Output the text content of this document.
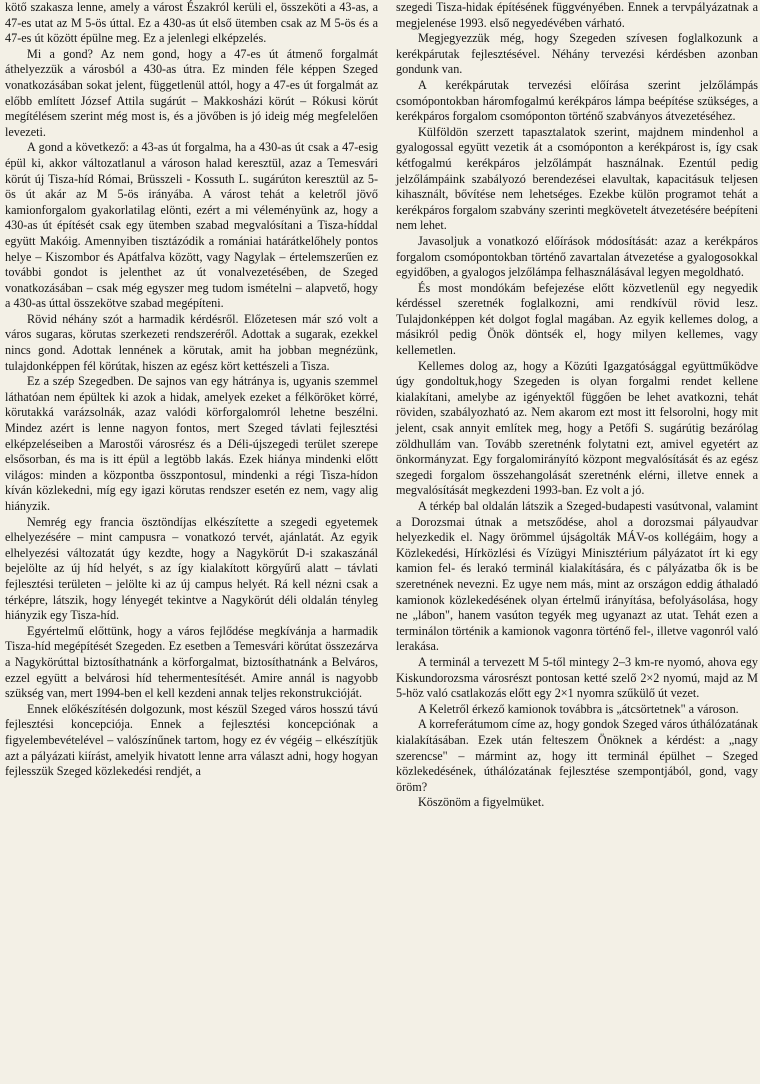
kötő szakasza lenne, amely a várost Északról kerüli el, összeköti a 43-as, a 47-es utat az M 5-ös úttal. Ez a 430-as út első ütemben csak az M 5-ös és a 47-es út között épülne meg. Ez a jelenlegi elképzelés.

Mi a gond? Az nem gond, hogy a 47-es út átmenő forgalmát áthelyezzük a városból a 430-as útra. Ez minden féle képpen Szeged vonatkozásában sokat jelent, függetlenül attól, hogy a 47-es út forgalmát az előbb említett József Attila sugárút – Makkosházi körút – Rókusi körút megítélésem szerint még most is, és a jövőben is jó ideig még megfelelően levezeti.

A gond a következő: a 43-as út forgalma, ha a 430-as út csak a 47-esig épül ki, akkor változatlanul a városon halad keresztül, azaz a Temesvári körút új Tisza-híd Római, Brüsszeli - Kossuth L. sugárúton keresztül az 5-ös út akár az M 5-ös irányába. A várost tehát a keletről jövő kamionforgalom gyakorlatilag elönti, ezért a mi véleményünk az, hogy a 430-as út építését csak egy ütemben szabad megvalósítani a Tisza-híddal együtt Makóig. Amennyiben tisztázódik a romániai határátkelőhely pontos helye – Kiszombor és Apátfalva között, vagy Nagylak – értelemszerűen ez további gondot is jelenthet az út vonalvezetésében, de Szeged vonatkozásában – csak még egyszer meg tudom ismételni – alapvető, hogy a 430-as úttal összekötve szabad megépíteni.

Rövid néhány szót a harmadik kérdésről. Előzetesen már szó volt a város sugaras, körutas szerkezeti rendszeréről. Adottak a sugarak, ezekkel nincs gond. Adottak lennének a körutak, amit ha jobban megnézünk, tulajdonképpen fél körútak, hiszen az egész kört kettészeli a Tisza.

Ez a szép Szegedben. De sajnos van egy hátránya is, ugyanis szemmel láthatóan nem épültek ki azok a hidak, amelyek ezeket a félköröket körré, körutakká varázsolnák, azaz valódi körforgalomról lehetne beszélni. Mindez azért is lenne nagyon fontos, mert Szeged távlati fejlesztési elképzeléseiben a Marostői városrész és a Déli-újszegedi terület szerepe elsősorban, és ma is itt épül a legtöbb lakás. Ezek hiánya mindenki előtt világos: minden a központba összpontosul, mindenki a régi Tisza-hídon kíván közlekedni, míg egy igazi körutas rendszer esetén ez nem, vagy alig hiányzik.

Nemrég egy francia ösztöndíjas elkészítette a szegedi egyetemek elhelyezésére – mint campusra – vonatkozó tervét, ajánlatát. Az egyik elhelyezési változatát úgy kezdte, hogy a Nagykörút D-i szakaszánál bejelölte az új híd helyét, s az így kialakított körgyűrű alatt – távlati fejlesztési területen – jelölte ki az új campus helyét. Rá kell nézni csak a térképre, látszik, hogy lényegét tekintve a Nagykörút déli oldalán tényleg hiányzik egy Tisza-híd.

Egyértelmű előttünk, hogy a város fejlődése megkívánja a harmadik Tisza-híd megépítését Szegeden. Ez esetben a Temesvári körútat összezárva a Nagykörúttal biztosíthatnánk a körforgalmat, biztosíthatnánk a Belváros, ezzel együtt a belvárosi híd tehermentesítését. Amire annál is nagyobb szükség van, mert 1994-ben el kell kezdeni annak teljes rekonstrukcióját.

Ennek előkészítésén dolgozunk, most készül Szeged város hosszú távú fejlesztési koncepciója. Ennek a fejlesztési koncepciónak a figyelembevételével – valószínűnek tartom, hogy ez év végéig – elkészítjük azt a pályázati kiírást, amelyik hivatott lenne arra választ adni, hogy hogyan fejlesszük Szeged közlekedési rendjét, a

szegedi Tisza-hidak építésének függvényében. Ennek a tervpályázatnak a megjelenése 1993. első negyedévében várható.

Megjegyezzük még, hogy Szegeden szívesen foglalkozunk a kerékpárutak fejlesztésével. Néhány tervezési kérdésben azonban gondunk van.

A kerékpárutak tervezési előírása szerint jelzőlámpás csomópontokban háromfogalmú kerékpáros lámpa beépítése szükséges, a kerékpáros forgalom csomóponton történő szabványos átvezetéséhez.

Külföldön szerzett tapasztalatok szerint, majdnem mindenhol a gyalogossal együtt vezetik át a csomóponton a kerékpárost is, így csak kétfogalmú kerékpáros jelzőlámpát használnak. Ezentúl pedig jelzőlámpáink szabályozó berendezései elavultak, kapacitásuk teljesen kihasznált, bővítése nem lehetséges. Ezekbe külön programot tehát a kerékpáros forgalom szabvány szerinti megkövetelt átvezetésére beépíteni nem lehet.

Javasoljuk a vonatkozó előírások módosítását: azaz a kerékpáros forgalom csomópontokban történő zavartalan átvezetése a gyalogosokkal egyidőben, a gyalogos jelzőlámpa felhasználásával legyen megoldható.

És most mondókám befejezése előtt közvetlenül egy negyedik kérdéssel szeretnék foglalkozni, ami rendkívül rövid lesz. Tulajdonképpen két dolgot foglal magában. Az egyik kellemes dolog, a másikról pedig Önök döntsék el, hogy milyen kellemes, vagy kellemetlen.

Kellemes dolog az, hogy a Közúti Igazgatósággal együttműködve úgy gondoltuk,hogy Szegeden is olyan forgalmi rendet kellene kialakítani, amelybe az igényektől függően be lehet avatkozni, tehát röviden, szabályozható az. Nem akarom ezt most itt felsorolni, hogy mit jelent, csak annyit említek meg, hogy a Petőfi S. sugárútig bezárólag zöldhullám van. Tovább szeretnénk folytatni ezt, amivel egyetért az önkormányzat. Egy forgalomirányító központ megvalósítását és az egész szegedi forgalom összehangolását szeretnénk elérni, illetve ennek a megvalósítását megkezdeni 1993-ban. Ez volt a jó.

A térkép bal oldalán látszik a Szeged-budapesti vasútvonal, valamint a Dorozsmai útnak a metsződése, ahol a dorozsmai pályaudvar helyezkedik el. Nagy örömmel újságolták MÁV-os kollégáim, hogy a Közlekedési, Hírközlési és Vízügyi Minisztérium pályázatot írt ki egy kamion fel- és lerakó terminál kialakítására, és c pályázatba ők is be szeretnének nevezni. Ez ugye nem más, mint az országon eddig áthaladó kamionok közlekedésének olyan értelmű irányítása, befolyásolása, hogy ne „lábon", hanem vasúton tegyék meg ugyanazt az utat. Tehát ezen a terminálon történik a kamionok vagonra történő fel-, illetve vagonról való lerakása.

A terminál a tervezett M 5-től mintegy 2–3 km-re nyomó, ahova egy Kiskundorozsma városrészt pontosan ketté szelő 2×2 nyomú, majd az M 5-höz való csatlakozás előtt egy 2×1 nyomra szűkülő út vezet.

A Keletről érkező kamionok továbbra is „átcsörtetnek" a városon.

A korreferátumom címe az, hogy gondok Szeged város úthálózatának kialakításában. Ezek után felteszem Önöknek a kérdést: a „nagy szerencse" – mármint az, hogy itt terminál épülhet – Szeged közlekedésének, úthálózatának fejlesztése szempontjából, gond, vagy öröm?

Köszönöm a figyelmüket.
